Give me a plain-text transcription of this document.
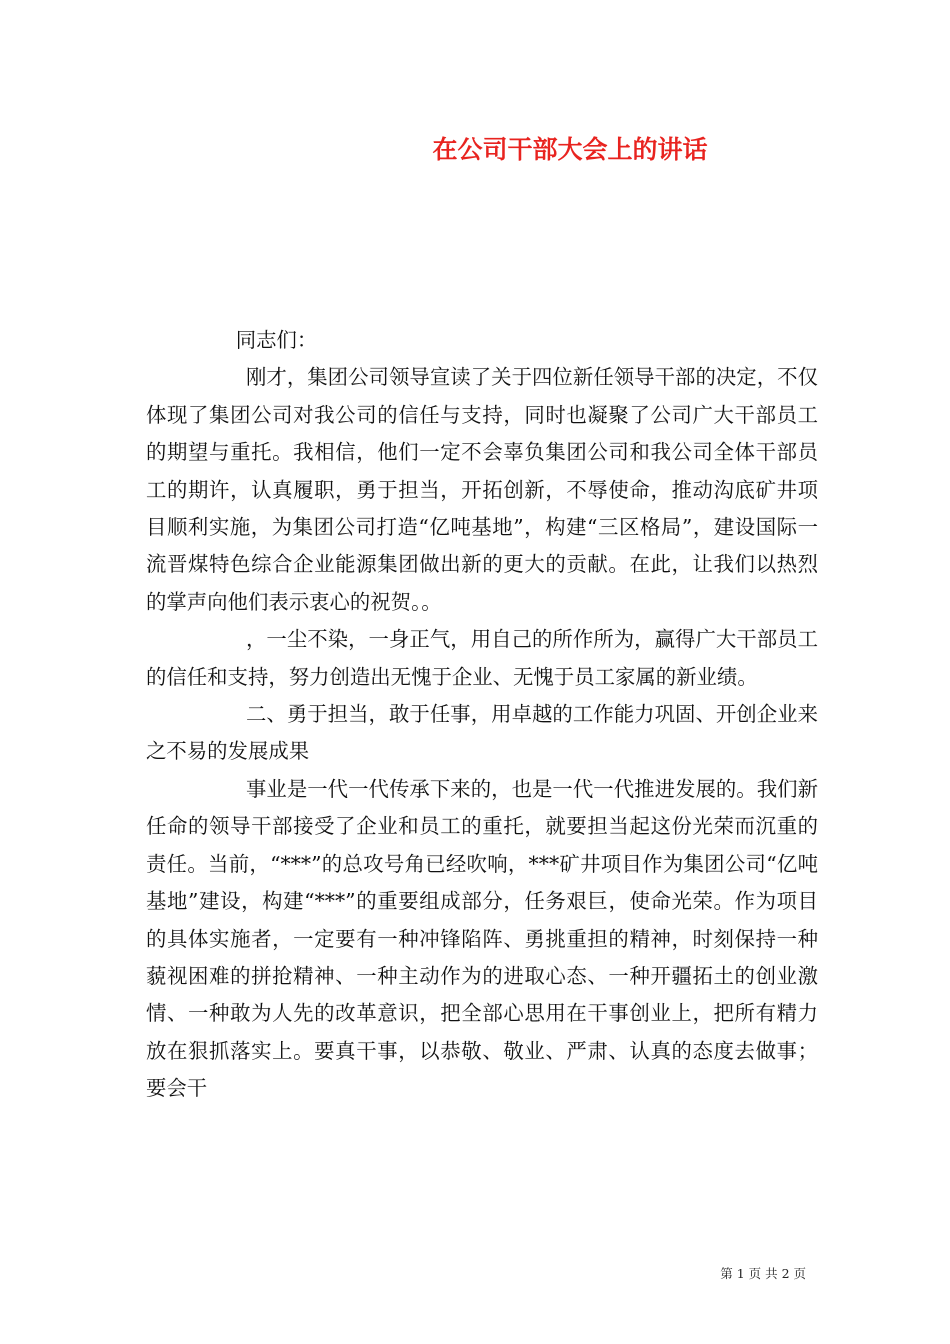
在公司干部大会上的讲话

同志们：

刚才，集团公司领导宣读了关于四位新任领导干部的决定，不仅体现了集团公司对我公司的信任与支持，同时也凝聚了公司广大干部员工的期望与重托。我相信，他们一定不会辜负集团公司和我公司全体干部员工的期许，认真履职，勇于担当，开拓创新，不辱使命，推动沟底矿井项目顺利实施，为集团公司打造“亿吨基地”，构建“三区格局”，建设国际一流晋煤特色综合企业能源集团做出新的更大的贡献。在此，让我们以热烈的掌声向他们表示衷心的祝贺。。

，一尘不染，一身正气，用自己的所作所为，赢得广大干部员工的信任和支持，努力创造出无愧于企业、无愧于员工家属的新业绩。

二、勇于担当，敢于任事，用卓越的工作能力巩固、开创企业来之不易的发展成果

事业是一代一代传承下来的，也是一代一代推进发展的。我们新任命的领导干部接受了企业和员工的重托，就要担当起这份光荣而沉重的责任。当前，“***”的总攻号角已经吹响，***矿井项目作为集团公司“亿吨基地”建设，构建“***”的重要组成部分，任务艰巨，使命光荣。作为项目的具体实施者，一定要有一种冲锋陷阵、勇挑重担的精神，时刻保持一种藐视困难的拼抢精神、一种主动作为的进取心态、一种开疆拓土的创业激情、一种敢为人先的改革意识，把全部心思用在干事创业上，把所有精力放在狠抓落实上。要真干事，以恭敬、敬业、严肃、认真的态度去做事；要会干

第 1 页 共 2 页
